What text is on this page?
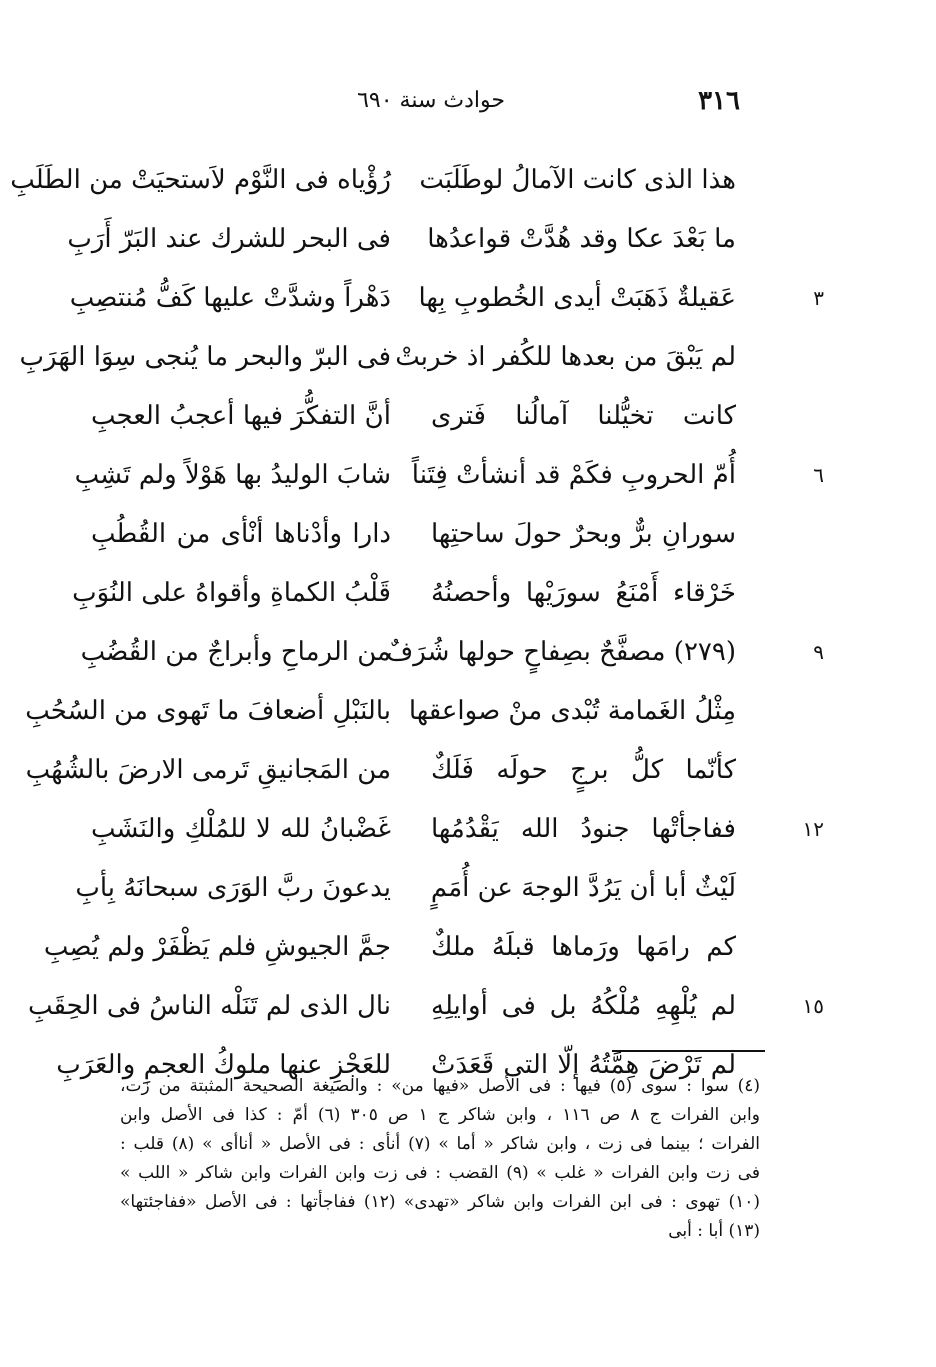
٣١٦
حوادث سنة ٦٩٠
هذا الذى كانت الآمالُ لوطَلَبَت
رُؤْياه فى النَّوْم لاَستحيَتْ من الطَلَبِ
ما بَعْدَ عكا وقد هُدَّتْ قواعدُها
فى البحر للشرك عند البَرّ أَرَبِ
٣
عَقيلةٌ ذَهَبَتْ أيدى الخُطوبِ بِها
دَهْراً وشدَّتْ عليها كَفُّ مُنتصِبِ
لم يَبْقَ من بعدها للكُفر اذ خربتْ
فى البرّ والبحر ما يُنجى سِوَا الهَرَبِ
كانت تخيُّلنا آمالُنا فَترى
أنَّ التفكُّرَ فيها أعجبُ العجبِ
٦
أُمّ الحروبِ فكَمْ قد أنشأتْ فِتَناً
شابَ الوليدُ بها هَوْلاً ولم تَشِبِ
سورانِ برٌّ وبحرٌ حولَ ساحتِها
دارا وأدْناها أنْأى من القُطُبِ
خَرْقاء أَمْنَعُ سورَيْها وأحصنُهُ
قَلْبُ الكماةِ وأقواهُ على النُوَبِ
٩
(٢٧٩) مصفَّحٌ بصِفاحٍ حولها شُرَفٌ
من الرماحِ وأبراجٌ من القُضُبِ
مِثْلُ الغَمامة تُبْدى منْ صواعقها
بالنَبْلِ أضعافَ ما تَهوى من السُحُبِ
كأنّما كلُّ برجٍ حولَه فَلَكٌ
من المَجانيقِ تَرمى الارضَ بالشُهُبِ
١٢
ففاجأتْها جنودُ الله يَقْدُمُها
غَضْبانُ لله لا للمُلْكِ والنَشَبِ
لَيْثٌ أبا أن يَرُدَّ الوجهَ عن أُمَمٍ
يدعونَ ربَّ الوَرَى سبحانَهُ بِأبِ
كم رامَها ورَماها قبلَهُ ملكٌ
جمَّ الجيوشِ فلم يَظْفَرْ ولم يُصِبِ
١٥
لم يُلْهِهِ مُلْكُهُ بل فى أوايلِهِ
نال الذى لم تَنَلْه الناسُ فى الحِقَبِ
لم تَرْضَ هِمَّتُهُ إلّا التى قَعَدَتْ
للعَجْزِ عنها ملوكُ العجمِ والعَرَبِ
(٤) سوا : سوى (٥) فيها : فى الأصل «فيها من» : والصيغة الصحيحة المثبتة من زت،
وابن الفرات ج ٨ ص ١١٦ ، وابن شاكر ج ١ ص ٣٠٥ (٦) أمّ : كذا فى الأصل وابن
الفرات ؛ بينما فى زت ، وابن شاكر « أما » (٧) أنأى : فى الأصل « أناأى » (٨) قلب :
فى زت وابن الفرات « غلب » (٩) القضب : فى زت وابن الفرات وابن شاكر « اللب »
(١٠) تهوى : فى ابن الفرات وابن شاكر «تهدى» (١٢) ففاجأتها : فى الأصل «ففاجئتها»
(١٣) أبا : أبى
